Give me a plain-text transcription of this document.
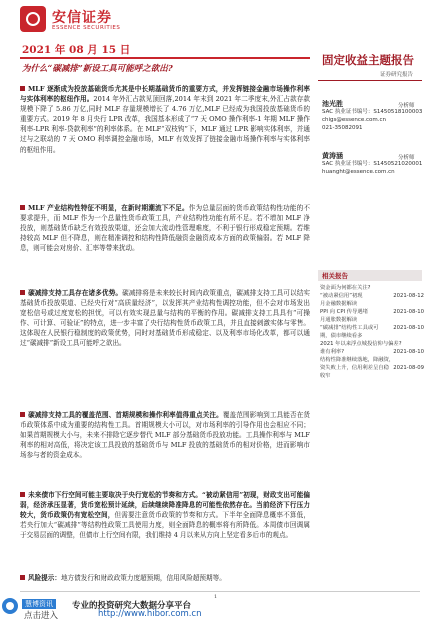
安信证券
ESSENCE SECURITIES
2021 年 08 月 15 日
为什么“碳减排”新设工具可能呼之欲出?
固定收益主题报告
证券研究报告
MLF 逐渐成为投放基础货币尤其是中长期基础货币的重要方式，并发挥链接金融市场操作利率与实体利率的枢纽作用。2014 年外汇占款见顶回落,2014 年末到 2021 年二季度末,外汇占款存款规模下降了 5.86 万亿,同时 MLF 存量规模增长了 4.76 万亿,MLF 已经成为我国投放基础货币的重要方式。2019 年 8 月央行 LPR 改革，我国基本形成了“7 天 OMO 操作利率-1 年期 MLF 操作利率-LPR 利率-贷款利率”的利率体系。在 MLF“双枝钩”下，MLF 通过 LPR 影响实体利率，并通过与之联动的 7 天 OMO 利率调控金融市场，MLF 有效发挥了链接金融市场操作利率与实体利率的枢纽作用。
MLF 产业结构性特征不明显，在新时期潮流下不足。作为总量层面的货币政策结构性功能的不要求提升，而 MLF 作为一个总量性货币政策工具，产业结构性功能有所不足。若不增加 MLF 净投放，则基础货币缺乏有效投放渠道，还会加大流动性管理难度，不利于银行形成稳定预期。若维持较高 MLF 但不降息，则在精准调控和结构性降低融资金融资成本方面的政策偏弱。若 MLF 降息，则可能会对房价、汇率等带来扰动。
碳减排支持工具存在诸多优势。碳减排将是未来较长时间内政策重点，碳减排支持工具可以结实基础货币投放渠道、已经央行对“高质量经济”，以发挥其产业结构性调控功能，但不会对市场发出宽松信号或过度宽松的担忧，可以有效实现总量与结构的平衡的作用。碳减排支持工具具有“可操作、可计算、可验证”的特点，进一步丰富了央行结构性货币政策工具，并且直接刺激实体与零售。这体现在人民银行稳制度的政策优势，同时对基础货币形成稳定、以及利率市场化改革，都可以通过“碳减排”新设工具可能呼之欲出。
碳减排支持工具的覆盖范围、首期规模和操作利率值得重点关注。覆盖范围影响到工具能否在货币政策体系中成为重要的结构性工具。首期规模大小可以，对市场利率的引导作用也会相应不同；如果首期规模大小与，未来不排除它逐步替代 MLF 部分基础货币投放功能。工具操作利率与 MLF 利率的相对高低，将决定该工具投放的基础货币与 MLF 投放的基础货币的相对价格，进而影响市场参与者的资金成本。
未来债市下行空间可能主要取决于央行宽松的节奏和方式。“被动紧信用”初现，财政支出可能偏弱，经济承压显著，货币宽松预计延续，后续继续降准降息的可能性依然存在。当前经济下行压力较大，货币政策仍有宽松空间，但需要注意货币政策的节奏和方式。下半年全面降息概率不算低，若央行加大“碳减排”等结构性政策工具使用力度，则全面降息的概率将有所降低。本周债市回调属于交易层面的调整，但债市上行空间有限，我们维持 4 月以来从方向上坚定看多后市的观点。
风险提示：地方债发行和财政政策力度超预期，信用风险超预期等。
池光胜
SAC 执业证书编号：S1450518100003
chigs@essence.com.cn
021-35082091
分析师
黄涛涵
SAC 执业证书编号：S1450521020001
huanght@essence.com.cn
分析师
相关报告
资金面为何都在关注?
“被动紧信用”初现	2021-08-12
月金融数据解读
PPI 向 CPI 传导遇堵	2021-08-10
月通胀数据解读
“碳减排”结构性工具或可	2021-08-10
期，债市继续看多
2021 年以来浮点城投信仰与偏差?
2021-08-10
谁有利率?
结构性降准继续落地，降融资，
资失败上升，信用利差呈自稳 2021-08-09
收窄
1
慧博资讯	专业的投资研究大数据分享平台
点击进入	http://www.hibor.com.cn
